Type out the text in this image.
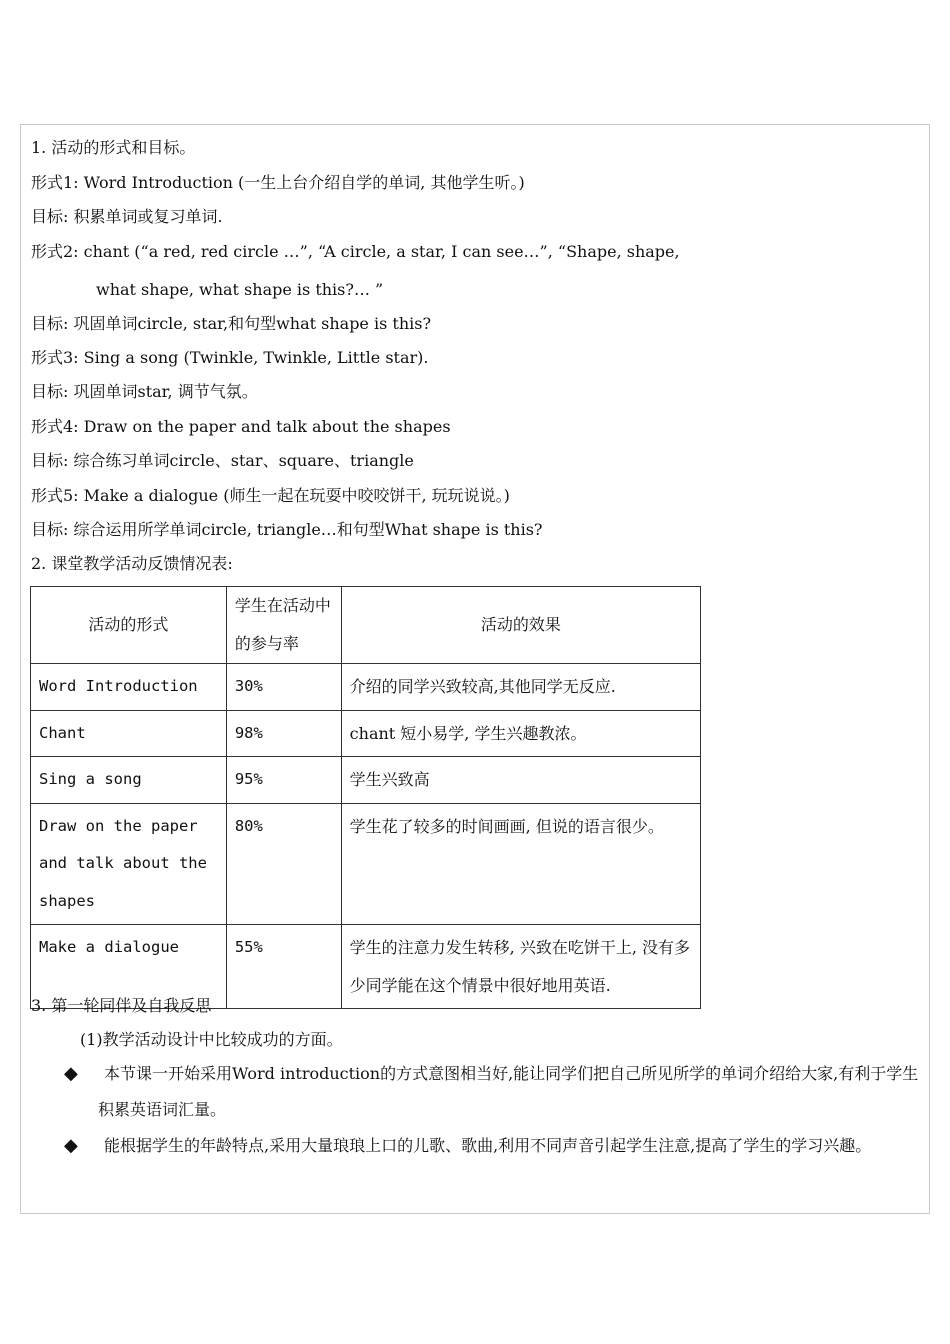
1. 活动的形式和目标。
形式1: Word Introduction (一生上台介绍自学的单词, 其他学生听。)
目标: 积累单词或复习单词.
形式2: chant (“a red, red circle …”, “A circle, a star, I can see…”, “Shape, shape,
what shape, what shape is this?… ”
目标: 巩固单词circle, star,和句型what shape is this?
形式3: Sing a song (Twinkle, Twinkle, Little star).
目标: 巩固单词star, 调节气氛。
形式4: Draw on the paper and talk about the shapes
目标: 综合练习单词circle、star、square、triangle
形式5: Make a dialogue (师生一起在玩耍中咬咬饼干, 玩玩说说。)
目标: 综合运用所学单词circle, triangle…和句型What shape is this?
2. 课堂教学活动反馈情况表:
活动的形式	学生在活动中的参与率	活动的效果
Word Introduction	30%	介绍的同学兴致较高,其他同学无反应.
Chant	98%	chant 短小易学, 学生兴趣教浓。
Sing a song	95%	学生兴致高
Draw on the paper and talk about the shapes	80%	学生花了较多的时间画画, 但说的语言很少。
Make a dialogue	55%	学生的注意力发生转移, 兴致在吃饼干上, 没有多少同学能在这个情景中很好地用英语.
3. 第一轮同伴及自我反思
(1)教学活动设计中比较成功的方面。
◆	本节课一开始采用Word introduction的方式意图相当好,能让同学们把自己所见所学的单词介绍给大家,有利于学生积累英语词汇量。
◆	能根据学生的年龄特点,采用大量琅琅上口的儿歌、歌曲,利用不同声音引起学生注意,提高了学生的学习兴趣。
